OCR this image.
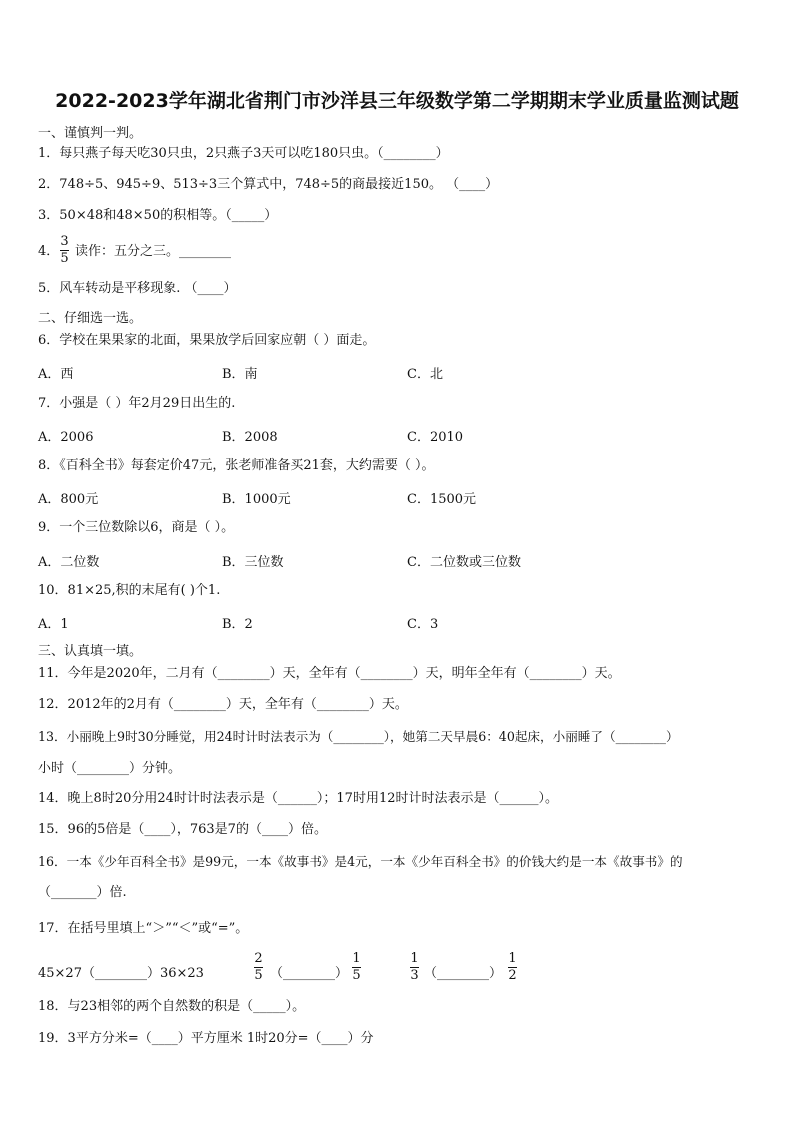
2022-2023学年湖北省荆门市沙洋县三年级数学第二学期期末学业质量监测试题
一、谨慎判一判。
1．每只燕子每天吃30只虫，2只燕子3天可以吃180只虫。（________）
2．748÷5、945÷9、513÷3三个算式中，748÷5的商最接近150。 （____）
3．50×48和48×50的积相等。（_____）
4．
3
5 读作：五分之三。________
5．风车转动是平移现象. （____）
二、仔细选一选。
6．学校在果果家的北面，果果放学后回家应朝（ ）面走。
A．西	B．南	C．北
7．小强是（ ）年2月29日出生的.
A．2006	B．2008	C．2010
8．《百科全书》每套定价47元，张老师准备买21套，大约需要（ ）。
A．800元	B．1000元	C．1500元
9．一个三位数除以6，商是（ ）。
A．二位数	B．三位数	C．二位数或三位数
10．81×25,积的末尾有( )个1.
A．1	B．2	C．3
三、认真填一填。
11．今年是2020年，二月有（________）天，全年有（________）天，明年全年有（________）天。
12．2012年的2月有（________）天，全年有（________）天。
13．小丽晚上9时30分睡觉，用24时计时法表示为（________），她第二天早晨6：40起床，小丽睡了（________）
小时（________）分钟。
14．晚上8时20分用24时计时法表示是（______）；17时用12时计时法表示是（______）。
15．96的5倍是（____），763是7的（____）倍。
16．一本《少年百科全书》是99元，一本《故事书》是4元，一本《少年百科全书》的价钱大约是一本《故事书》的
（_______）倍.
17．在括号里填上“＞”“＜”或“=”。
45×27（________）36×23
2
5 （________）
1
5
1
3 （________）
1
2
18．与23相邻的两个自然数的积是（_____）。
19．3平方分米=（____）平方厘米 1时20分=（____）分
